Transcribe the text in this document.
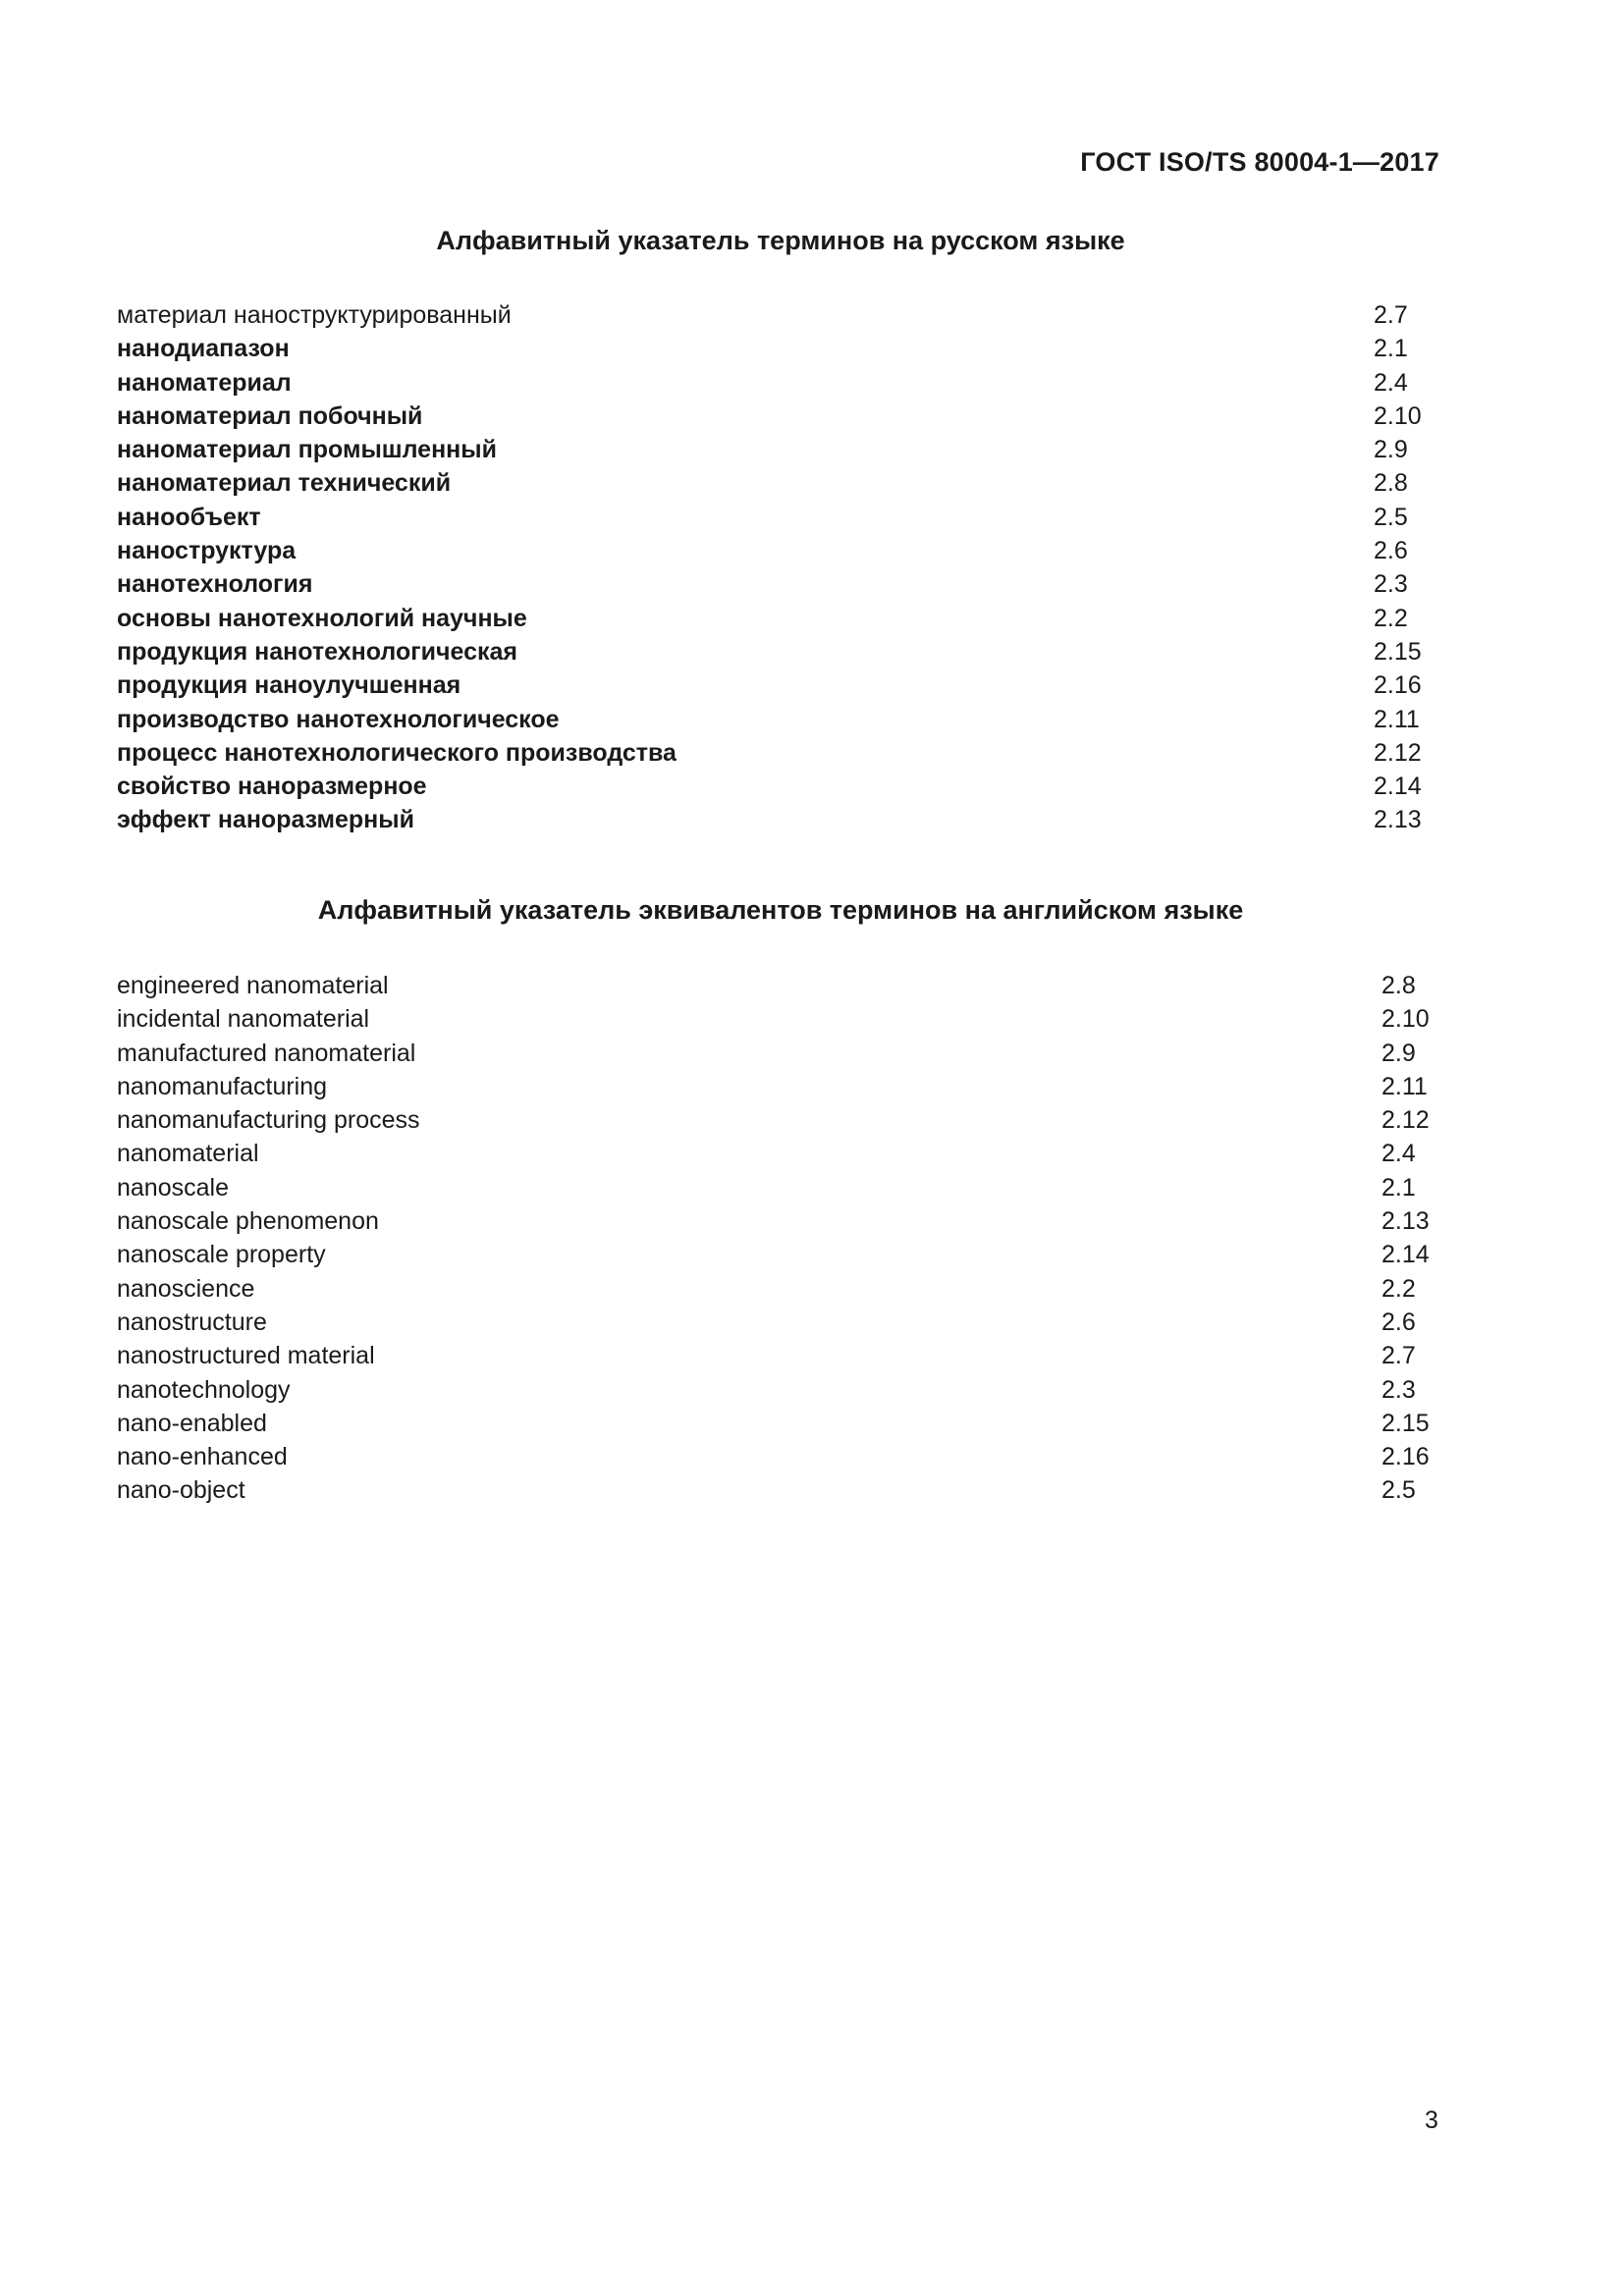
ГОСТ ISO/TS 80004-1—2017
Алфавитный указатель терминов на русском языке
материал наноструктурированный	2.7
нанодиапазон	2.1
наноматериал	2.4
наноматериал побочный	2.10
наноматериал промышленный	2.9
наноматериал технический	2.8
нанообъект	2.5
наноструктура	2.6
нанотехнология	2.3
основы нанотехнологий научные	2.2
продукция нанотехнологическая	2.15
продукция наноулучшенная	2.16
производство нанотехнологическое	2.11
процесс нанотехнологического производства	2.12
свойство наноразмерное	2.14
эффект наноразмерный	2.13
Алфавитный указатель эквивалентов терминов на английском языке
engineered nanomaterial	2.8
incidental nanomaterial	2.10
manufactured nanomaterial	2.9
nanomanufacturing	2.11
nanomanufacturing process	2.12
nanomaterial	2.4
nanoscale	2.1
nanoscale phenomenon	2.13
nanoscale property	2.14
nanoscience	2.2
nanostructure	2.6
nanostructured material	2.7
nanotechnology	2.3
nano-enabled	2.15
nano-enhanced	2.16
nano-object	2.5
3
